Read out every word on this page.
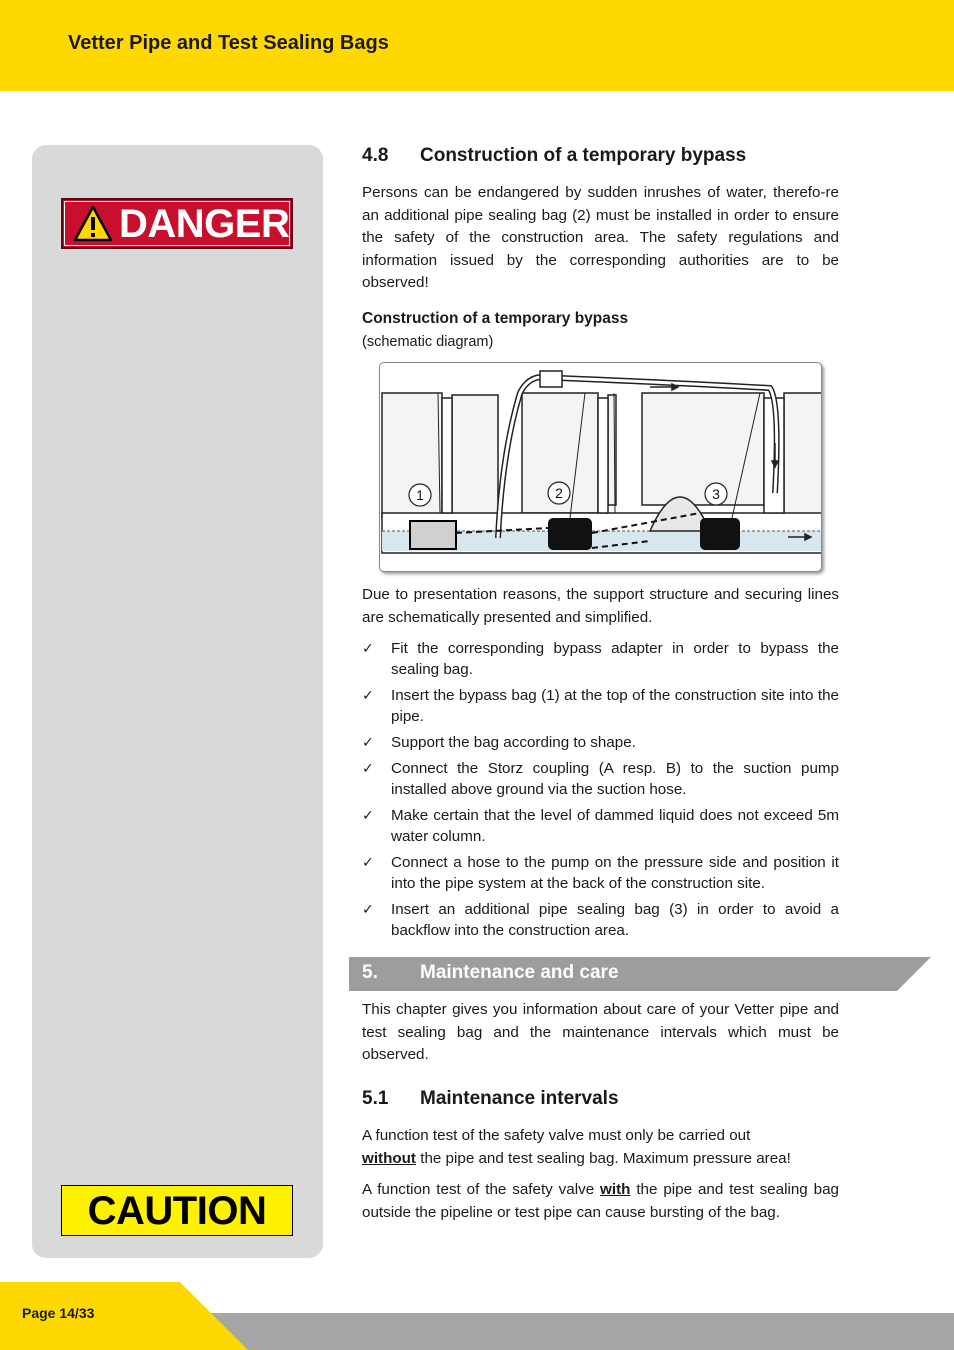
Vetter Pipe and Test Sealing Bags
DANGER
CAUTION
4.8 Construction of a temporary bypass

Persons can be endangered by sudden inrushes of water, therefo-re an additional pipe sealing bag (2) must be installed in order to ensure the safety of the construction area. The safety regulations and information issued by the corresponding authorities are to be observed!

Construction of a temporary bypass
(schematic diagram)
1	2	3

Due to presentation reasons, the support structure and securing lines are schematically presented and simplified.

✓ Fit the corresponding bypass adapter in order to bypass the sealing bag.
✓ Insert the bypass bag (1) at the top of the construction site into the pipe.
✓ Support the bag according to shape.
✓ Connect the Storz coupling (A resp. B) to the suction pump installed above ground via the suction hose.
✓ Make certain that the level of dammed liquid does not exceed 5m water column.
✓ Connect a hose to the pump on the pressure side and position it into the pipe system at the back of the construction site.
✓ Insert an additional pipe sealing bag (3) in order to avoid a backflow into the construction area.
5. Maintenance and care

This chapter gives you information about care of your Vetter pipe and test sealing bag and the maintenance intervals which must be observed.

5.1 Maintenance intervals

A function test of the safety valve must only be carried out
without the pipe and test sealing bag. Maximum pressure area!

A function test of the safety valve with the pipe and test sealing bag outside the pipeline or test pipe can cause bursting of the bag.

Page 14/33
